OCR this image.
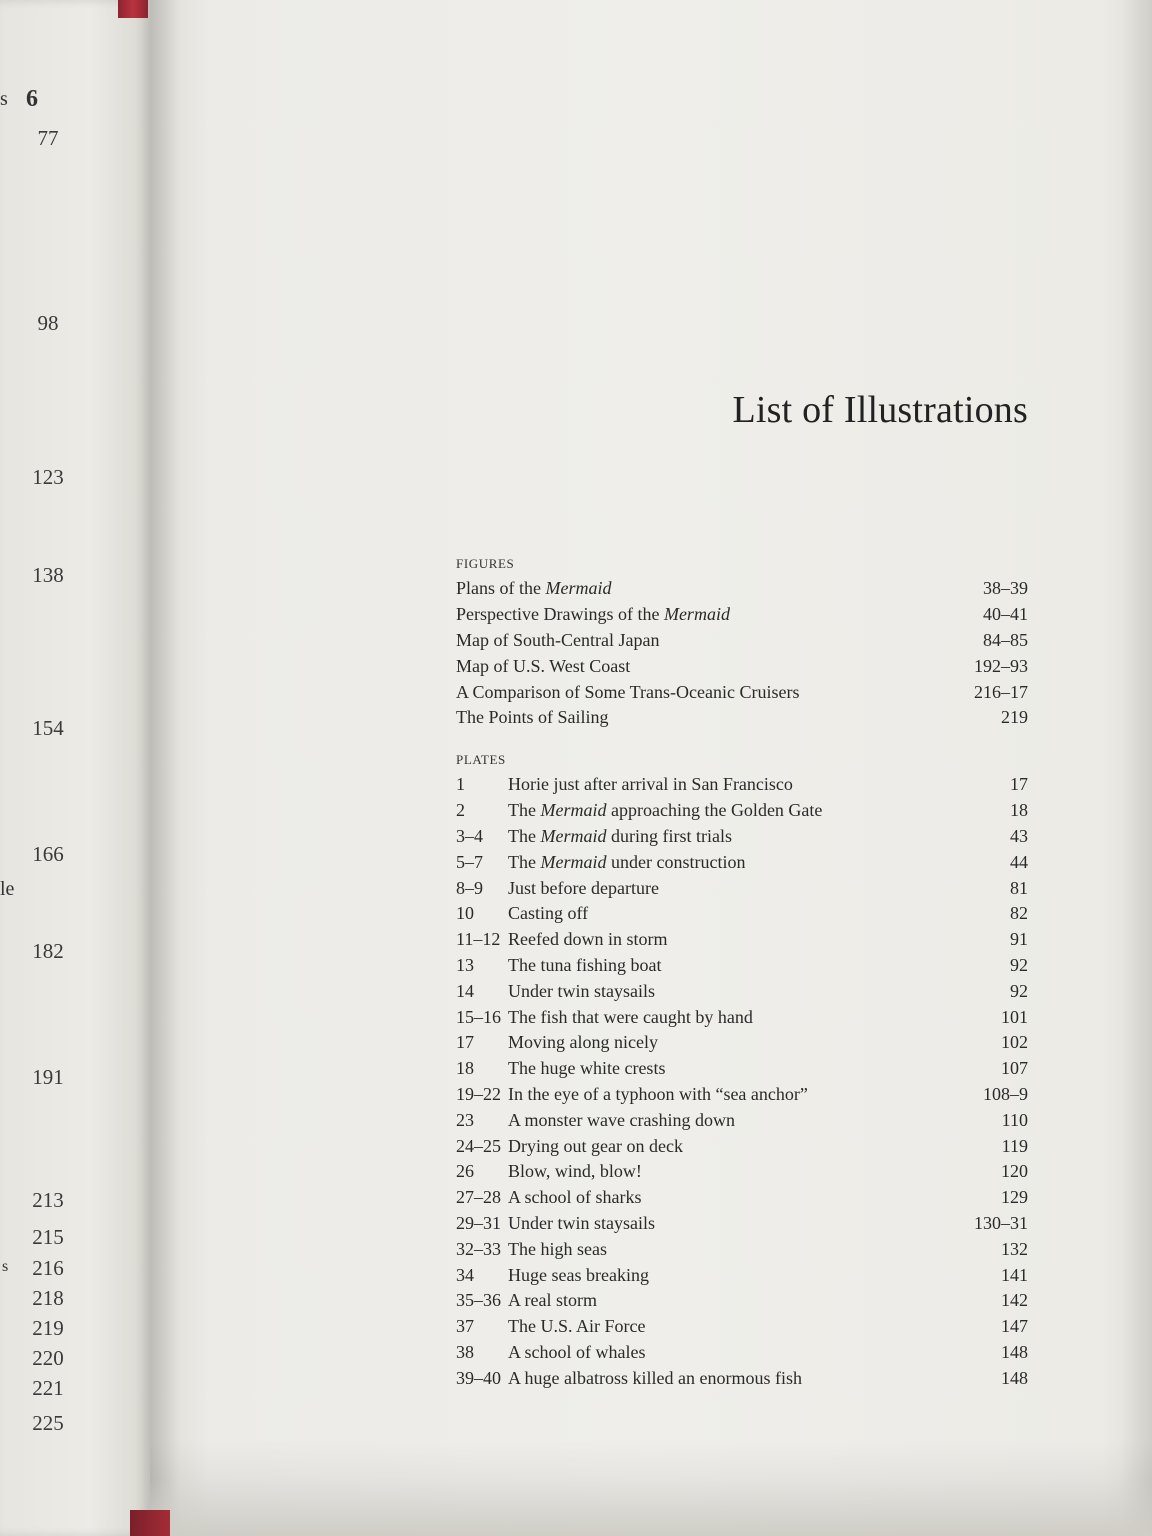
s 6
77
98
123
138
154
166
le
182
191
213
215
s	216
218
219
220
221
225
List of Illustrations
FIGURES
Plans of the Mermaid	38–39
Perspective Drawings of the Mermaid	40–41
Map of South-Central Japan	84–85
Map of U.S. West Coast	192–93
A Comparison of Some Trans-Oceanic Cruisers	216–17
The Points of Sailing	219
PLATES
1	Horie just after arrival in San Francisco	17
2	The Mermaid approaching the Golden Gate	18
3–4	The Mermaid during first trials	43
5–7	The Mermaid under construction	44
8–9	Just before departure	81
10	Casting off	82
11–12 Reefed down in storm	91
13	The tuna fishing boat	92
14	Under twin staysails	92
15–16 The fish that were caught by hand	101
17	Moving along nicely	102
18	The huge white crests	107
19–22 In the eye of a typhoon with “sea anchor”	108–9
23	A monster wave crashing down	110
24–25 Drying out gear on deck	119
26	Blow, wind, blow!	120
27–28 A school of sharks	129
29–31 Under twin staysails	130–31
32–33 The high seas	132
34	Huge seas breaking	141
35–36 A real storm	142
37	The U.S. Air Force	147
38	A school of whales	148
39–40 A huge albatross killed an enormous fish	148
